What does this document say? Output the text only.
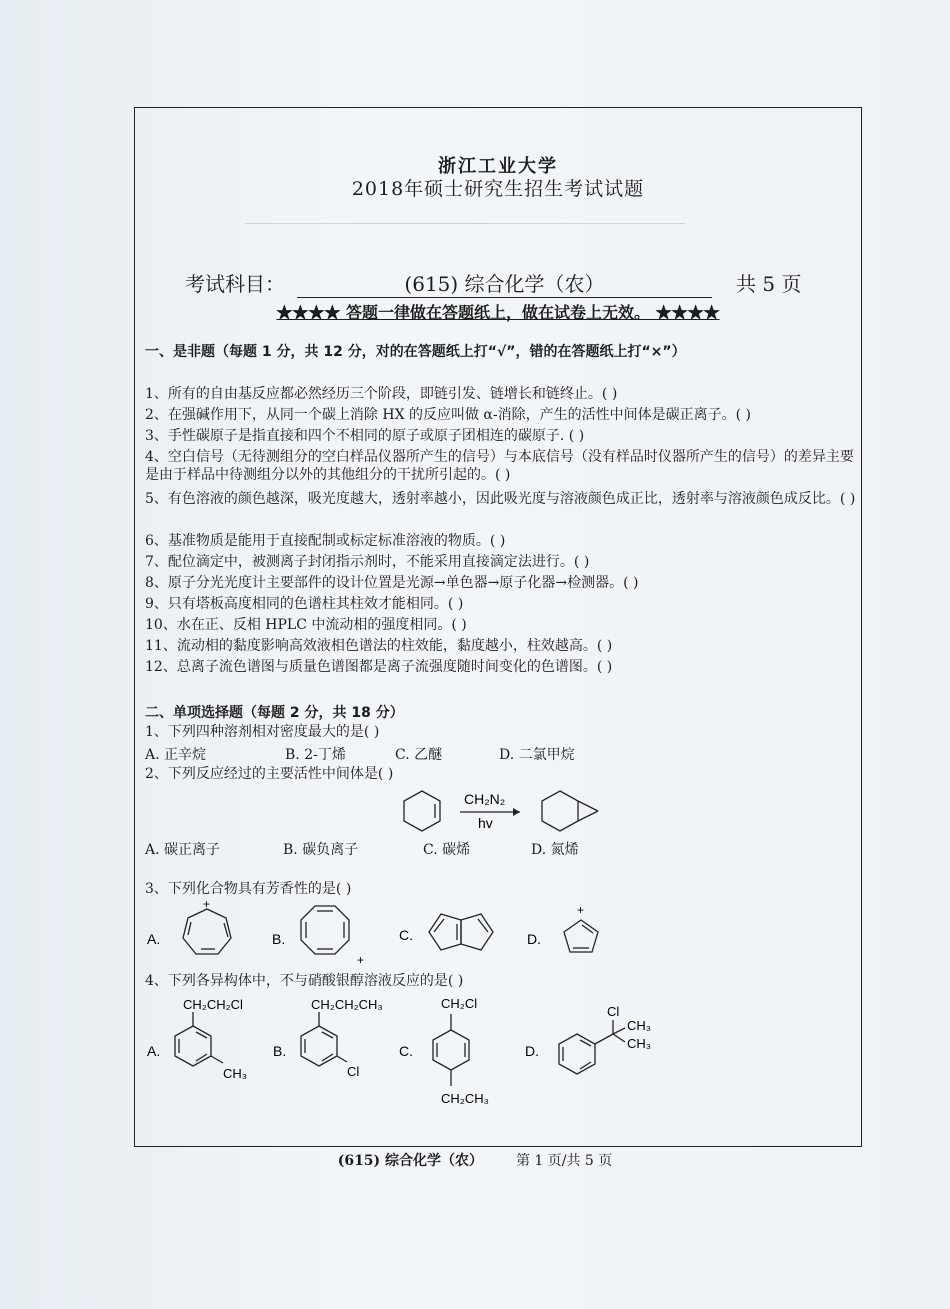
浙江工业大学
2018年硕士研究生招生考试试题
考试科目：	(615) 综合化学（农）	共 5 页
★★★★ 答题一律做在答题纸上，做在试卷上无效。 ★★★★
一、是非题（每题 1 分，共 12 分，对的在答题纸上打“√”，错的在答题纸上打“×”）
1、所有的自由基反应都必然经历三个阶段，即链引发、链增长和链终止。( )
2、在强碱作用下，从同一个碳上消除 HX 的反应叫做 α-消除，产生的活性中间体是碳正离子。( )
3、手性碳原子是指直接和四个不相同的原子或原子团相连的碳原子. ( )
4、空白信号（无待测组分的空白样品仪器所产生的信号）与本底信号（没有样品时仪器所产生的信号）的差异主要是由于样品中待测组分以外的其他组分的干扰所引起的。( )
5、有色溶液的颜色越深，吸光度越大，透射率越小，因此吸光度与溶液颜色成正比，透射率与溶液颜色成反比。( )
6、基准物质是能用于直接配制或标定标准溶液的物质。( )
7、配位滴定中，被测离子封闭指示剂时，不能采用直接滴定法进行。( )
8、原子分光光度计主要部件的设计位置是光源→单色器→原子化器→检测器。( )
9、只有塔板高度相同的色谱柱其柱效才能相同。( )
10、水在正、反相 HPLC 中流动相的强度相同。( )
11、流动相的黏度影响高效液相色谱法的柱效能，黏度越小，柱效越高。( )
12、总离子流色谱图与质量色谱图都是离子流强度随时间变化的色谱图。( )
二、单项选择题（每题 2 分，共 18 分）
1、下列四种溶剂相对密度最大的是( )
A. 正辛烷	B. 2-丁烯	C. 乙醚	D. 二氯甲烷
2、下列反应经过的主要活性中间体是( )
CH₂N₂
hv
A. 碳正离子	B. 碳负离子	C. 碳烯	D. 氮烯
3、下列化合物具有芳香性的是( )
A.
+
B.
+
C.	D.
+
4、下列各异构体中，不与硝酸银醇溶液反应的是( )
A.
CH₂CH₂Cl
CH₃
B.
CH₂CH₂CH₃
Cl
C.
CH₂Cl
CH₂CH₃
D.
Cl
CH₃
CH₃
(615) 综合化学（农） 第 1 页/共 5 页
